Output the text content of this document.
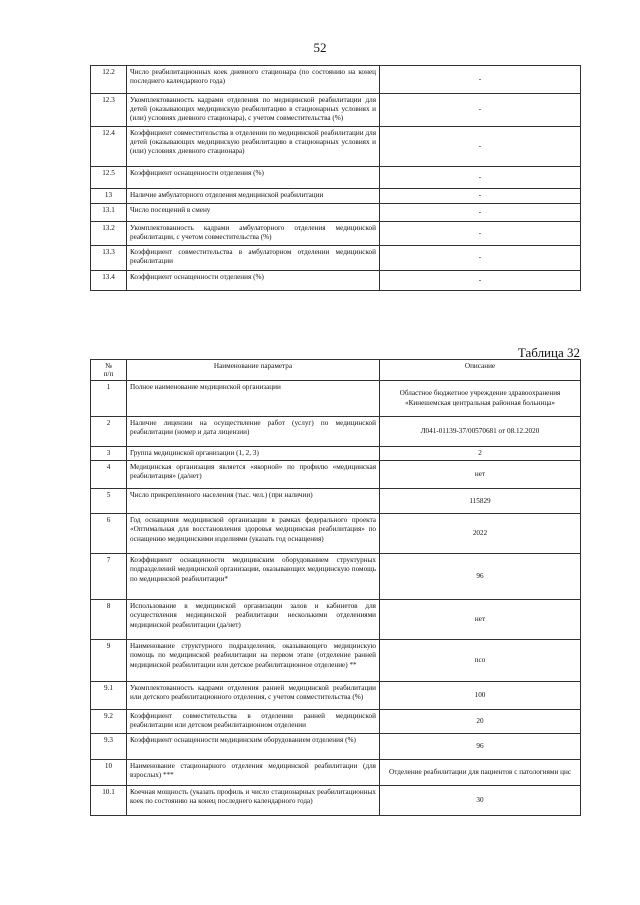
52
12.2	Число реабилитационных коек дневного стационара (по состоянию на конец последнего календарного года)	-
12.3	Укомплектованность кадрами отделения по медицинской реабилитации для детей (оказывающих медицинскую реабилитацию в стационарных условиях и (или) условиях дневного стационара), с учетом совместительства (%)	-
12.4	Коэффициент совместительства в отделении по медицинской реабилитации для детей (оказывающих медицинскую реабилитацию в стационарных условиях и (или) условиях дневного стационара)	-
12.5	Коэффициент оснащенности отделения (%)	-
13	Наличие амбулаторного отделения медицинской реабилитации	-
13.1	Число посещений в смену	-
13.2	Укомплектованность кадрами амбулаторного отделения медицинской реабилитации, с учетом совместительства (%)	-
13.3	Коэффициент совместительства в амбулаторном отделении медицинской реабилитации	-
13.4	Коэффициент оснащенности отделения (%)	-
Таблица 32
№
п/п	Наименование параметра	Описание
1	Полное наименование медицинской организации	Областное бюджетное учреждение здравоохранения «Кинешемская центральная районная больница»
2	Наличие лицензии на осуществление работ (услуг) по медицинской реабилитации (номер и дата лицензии)	Л041-01139-37/00570681 от 08.12.2020
3	Группа медицинской организации (1, 2, 3)	2
4	Медицинская организация является «якорной» по профилю «медицинская реабилитация» (да/нет)	нет
5	Число прикрепленного населения (тыс. чел.) (при наличии)	115829
6	Год оснащения медицинской организации в рамках федерального проекта «Оптимальная для восстановления здоровья медицинская реабилитация» по оснащению медицинскими изделиями (указать год оснащения)	2022
7	Коэффициент оснащенности медицинским оборудованием структурных подразделений медицинской организации, оказывающих медицинскую помощь по медицинской реабилитации*	96
8	Использование в медицинской организации залов и кабинетов для осуществления медицинской реабилитации несколькими отделениями медицинской реабилитации (да/нет)	нет
9	Наименование структурного подразделения, оказывающего медицинскую помощь по медицинской реабилитации на первом этапе (отделение ранней медицинской реабилитации или детское реабилитационное отделение) **	псо
9.1	Укомплектованность кадрами отделения ранней медицинской реабилитации или детского реабилитационного отделения, с учетом совместительства (%)	100
9.2	Коэффициент совместительства в отделении ранней медицинской реабилитации или детском реабилитационном отделении	20
9.3	Коэффициент оснащенности медицинским оборудованием отделения (%)	96
10	Наименование стационарного отделения медицинской реабилитации (для взрослых) ***	Отделение реабилитации для пациентов с патологиями цнс
10.1	Коечная мощность (указать профиль и число стационарных реабилитационных коек по состоянию на конец последнего календарного года)	30
